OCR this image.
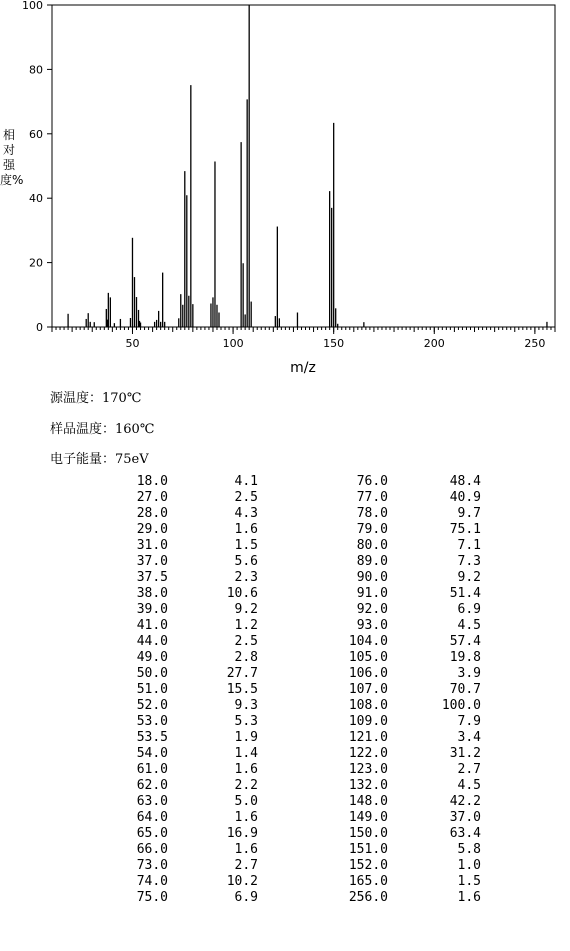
0
20
40
60
80
100
50	100	150	200	250
m/z
相对强度%
源温度：170℃
样品温度：160℃
电子能量：75eV
18.0	4.1
27.0	2.5
28.0	4.3
29.0	1.6
31.0	1.5
37.0	5.6
37.5	2.3
38.0	10.6
39.0	9.2
41.0	1.2
44.0	2.5
49.0	2.8
50.0	27.7
51.0	15.5
52.0	9.3
53.0	5.3
53.5	1.9
54.0	1.4
61.0	1.6
62.0	2.2
63.0	5.0
64.0	1.6
65.0	16.9
66.0	1.6
73.0	2.7
74.0	10.2
75.0	6.9
76.0	48.4
77.0	40.9
78.0	9.7
79.0	75.1
80.0	7.1
89.0	7.3
90.0	9.2
91.0	51.4
92.0	6.9
93.0	4.5
104.0	57.4
105.0	19.8
106.0	3.9
107.0	70.7
108.0	100.0
109.0	7.9
121.0	3.4
122.0	31.2
123.0	2.7
132.0	4.5
148.0	42.2
149.0	37.0
150.0	63.4
151.0	5.8
152.0	1.0
165.0	1.5
256.0	1.6
